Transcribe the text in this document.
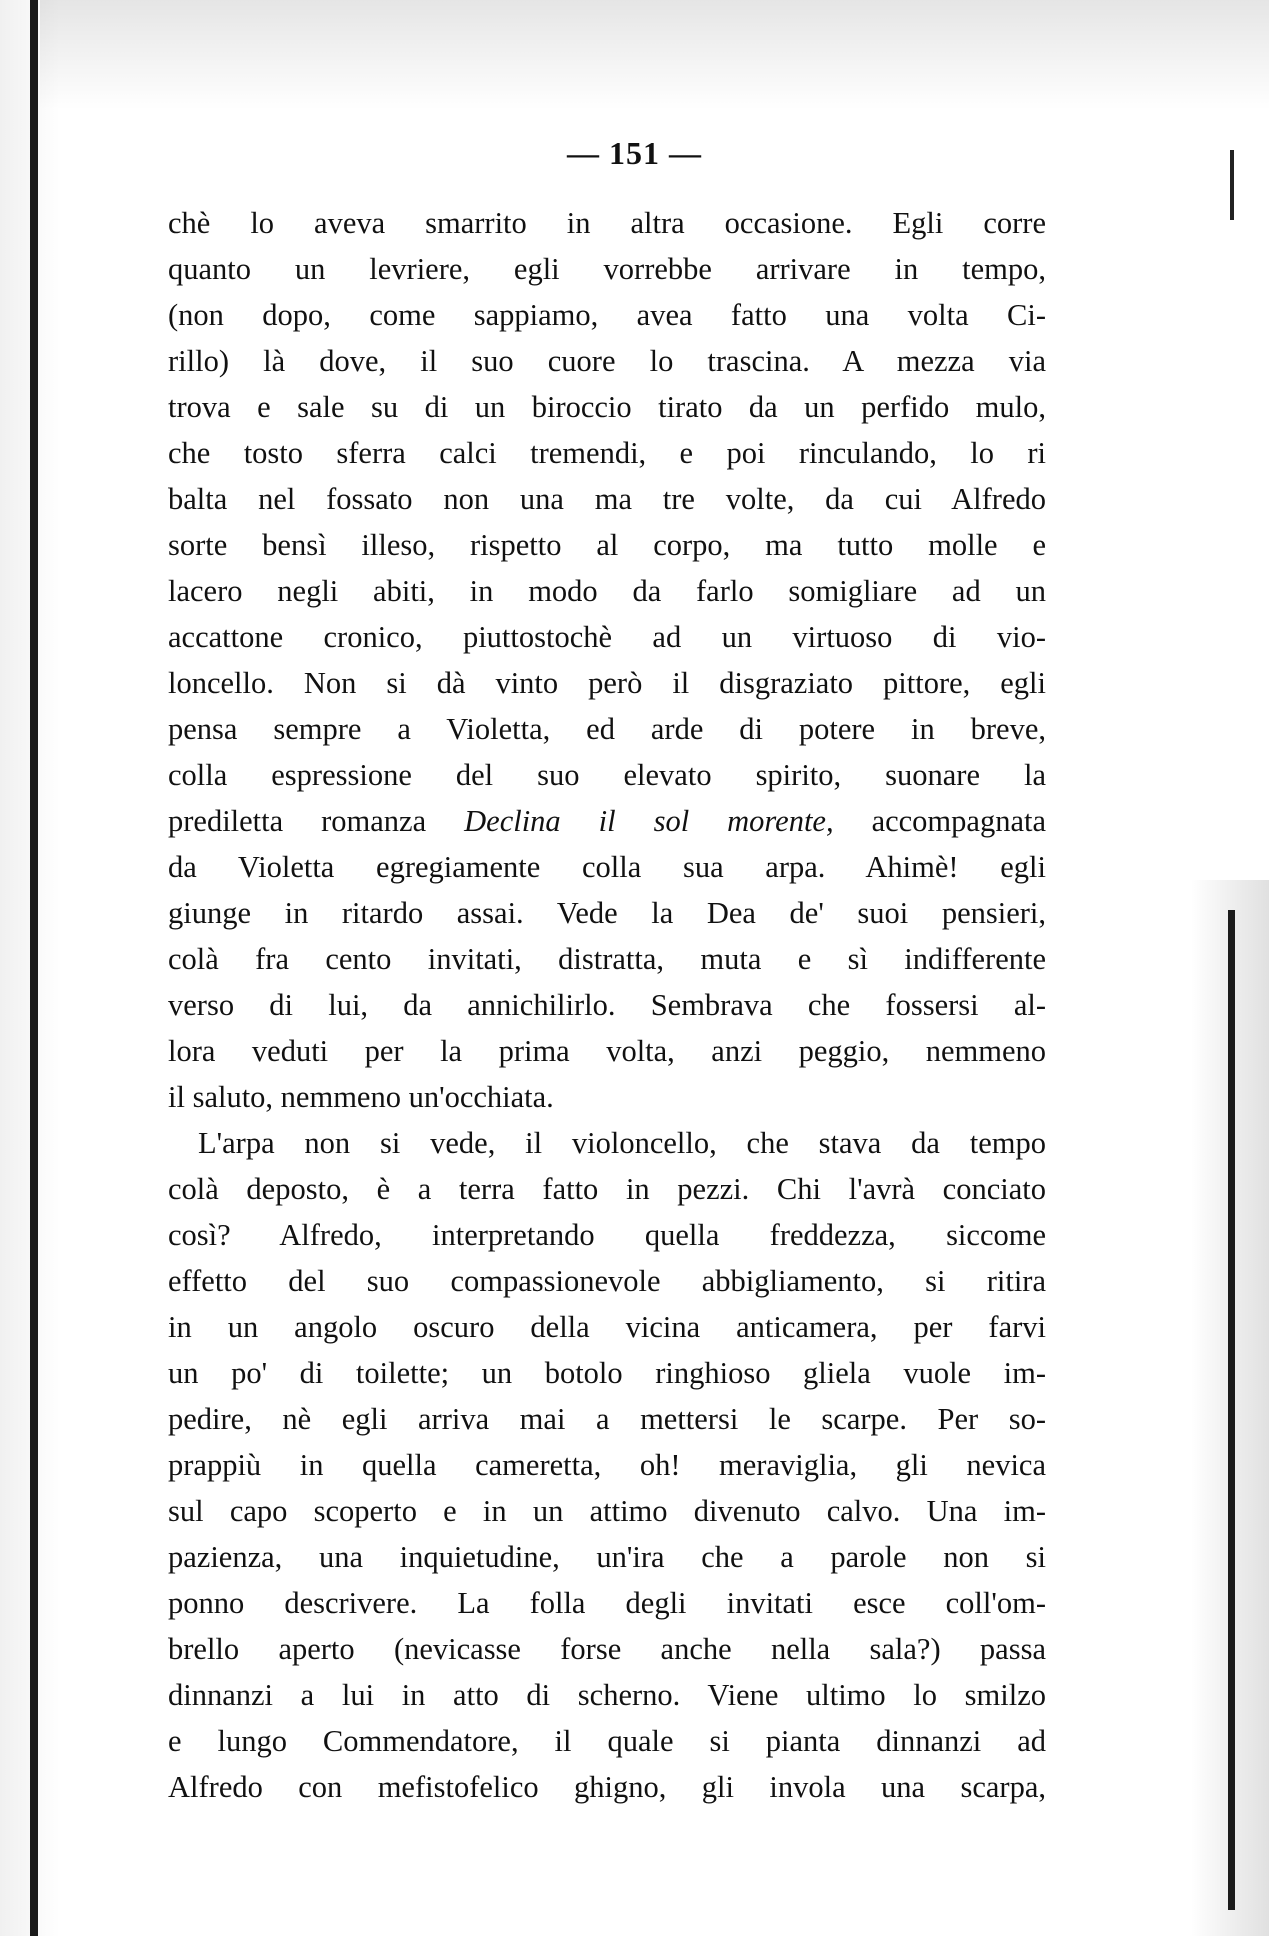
— 151 —
chè lo aveva smarrito in altra occasione. Egli corre
quanto un levriere, egli vorrebbe arrivare in tempo,
(non dopo, come sappiamo, avea fatto una volta Ci-
rillo) là dove, il suo cuore lo trascina. A mezza via
trova e sale su di un biroccio tirato da un perfido mulo,
che tosto sferra calci tremendi, e poi rinculando, lo ri
balta nel fossato non una ma tre volte, da cui Alfredo
sorte bensì illeso, rispetto al corpo, ma tutto molle e
lacero negli abiti, in modo da farlo somigliare ad un
accattone cronico, piuttostochè ad un virtuoso di vio-
loncello. Non si dà vinto però il disgraziato pittore, egli
pensa sempre a Violetta, ed arde di potere in breve,
colla espressione del suo elevato spirito, suonare la
prediletta romanza Declina il sol morente, accompagnata
da Violetta egregiamente colla sua arpa. Ahimè! egli
giunge in ritardo assai. Vede la Dea de' suoi pensieri,
colà fra cento invitati, distratta, muta e sì indifferente
verso di lui, da annichilirlo. Sembrava che fossersi al-
lora veduti per la prima volta, anzi peggio, nemmeno
il saluto, nemmeno un'occhiata.
L'arpa non si vede, il violoncello, che stava da tempo
colà deposto, è a terra fatto in pezzi. Chi l'avrà conciato
così? Alfredo, interpretando quella freddezza, siccome
effetto del suo compassionevole abbigliamento, si ritira
in un angolo oscuro della vicina anticamera, per farvi
un po' di toilette; un botolo ringhioso gliela vuole im-
pedire, nè egli arriva mai a mettersi le scarpe. Per so-
prappiù in quella cameretta, oh! meraviglia, gli nevica
sul capo scoperto e in un attimo divenuto calvo. Una im-
pazienza, una inquietudine, un'ira che a parole non si
ponno descrivere. La folla degli invitati esce coll'om-
brello aperto (nevicasse forse anche nella sala?) passa
dinnanzi a lui in atto di scherno. Viene ultimo lo smilzo
e lungo Commendatore, il quale si pianta dinnanzi ad
Alfredo con mefistofelico ghigno, gli invola una scarpa,
